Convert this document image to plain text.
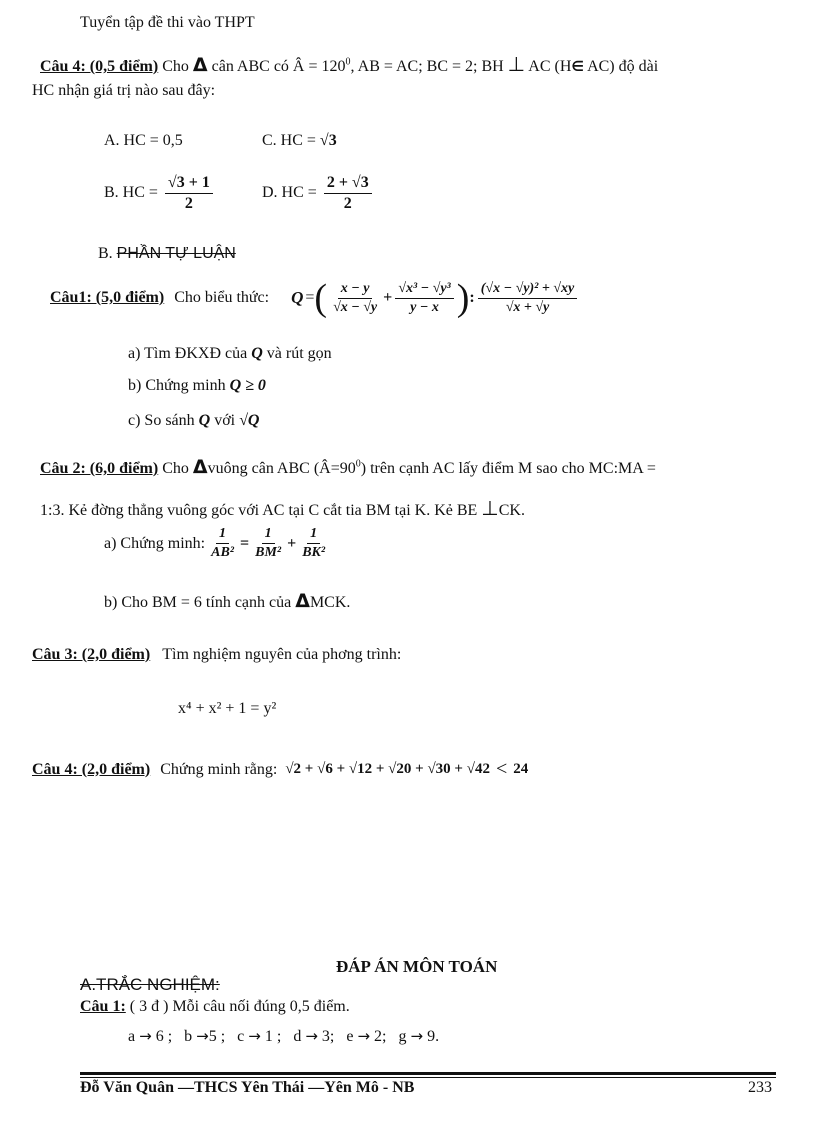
Tuyển tập đề thi vào THPT
Câu 4: (0,5 điểm) Cho Δ cân ABC có Â = $120^0$, AB = AC; BC = 2; BH ⊥ AC (H∈ AC) độ dài
HC nhận giá trị nào sau đây:
A. HC = 0,5	C. HC = √3
B. HC = $\frac{√3 + 1}{2}$	D. HC = $\frac{2 + √3}{2}$
B. PHẦN TỰ LUẬN
Câu1: (5,0 điểm) Cho biểu thức: Q = ( $\frac{x - y}{√x - √y} + \frac{\text{√x³ − √y³}}{y - x}$ ) : $\frac{\text{(√x − √y)² + √xy}}{√x + √y}$
a) Tìm ĐKXĐ của Q và rút gọn
b) Chứng minh Q ≥ 0
c) So sánh Q với √Q
Câu 2: (6,0 điểm) Cho Δvuông cân ABC $(Â=90^0)$ trên cạnh AC lấy điểm M sao cho MC:MA =
1:3. Kẻ đờng thẳng vuông góc với AC tại C cắt tia BM tại K. Kẻ BE ⊥CK.
a) Chứng minh: $\frac{1}{\text{AB²}} = \frac{1}{\text{BM²}} + \frac{1}{\text{BK²}}$
b) Cho BM = 6 tính cạnh của ΔMCK.
Câu 3: (2,0 điểm) Tìm nghiệm nguyên của phơng trình:
x⁴ + x² + 1 = y²
Câu 4: (2,0 điểm) Chứng minh rằng: √2 + √6 + √12 + √20 + √30 + √42 < 24
ĐÁP ÁN MÔN TOÁN
A.TRẮC NGHIỆM:
Câu 1: ( 3 đ ) Mỗi câu nối đúng 0,5 điểm.
a → 6 ; b →5 ; c → 1 ; d → 3; e → 2; g → 9.
Đỗ Văn Quân —THCS Yên Thái —Yên Mô - NB	233
